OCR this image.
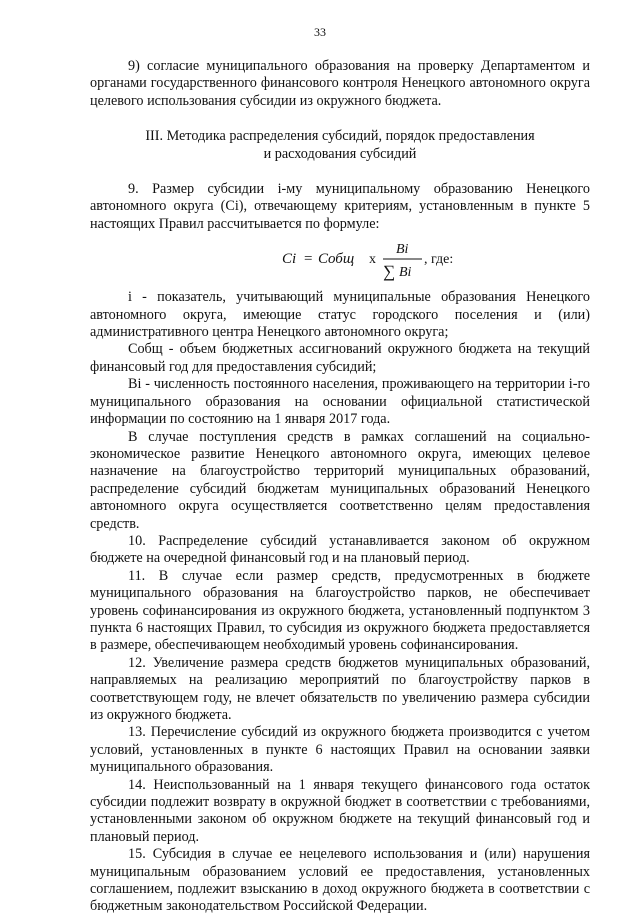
33

9) согласие муниципального образования на проверку Департаментом и органами государственного финансового контроля Ненецкого автономного округа целевого использования субсидии из окружного бюджета.

III. Методика распределения субсидий, порядок предоставления
и расходования субсидий

9. Размер субсидии i-му муниципальному образованию Ненецкого автономного округа (Ci), отвечающему критериям, установленным в пункте 5 настоящих Правил рассчитывается по формуле:

Ci = Cобщ x
Bi
∑ Bi
, где:

i - показатель, учитывающий муниципальные образования Ненецкого автономного округа, имеющие статус городского поселения и (или) административного центра Ненецкого автономного округа;

Cобщ - объем бюджетных ассигнований окружного бюджета на текущий финансовый год для предоставления субсидий;

Bi - численность постоянного населения, проживающего на территории i-го муниципального образования на основании официальной статистической информации по состоянию на 1 января 2017 года.

В случае поступления средств в рамках соглашений на социально-экономическое развитие Ненецкого автономного округа, имеющих целевое назначение на благоустройство территорий муниципальных образований, распределение субсидий бюджетам муниципальных образований Ненецкого автономного округа осуществляется соответственно целям предоставления средств.

10. Распределение субсидий устанавливается законом об окружном бюджете на очередной финансовый год и на плановый период.

11. В случае если размер средств, предусмотренных в бюджете муниципального образования на благоустройство парков, не обеспечивает уровень софинансирования из окружного бюджета, установленный подпунктом 3 пункта 6 настоящих Правил, то субсидия из окружного бюджета предоставляется в размере, обеспечивающем необходимый уровень софинансирования.

12. Увеличение размера средств бюджетов муниципальных образований, направляемых на реализацию мероприятий по благоустройству парков в соответствующем году, не влечет обязательств по увеличению размера субсидии из окружного бюджета.

13. Перечисление субсидий из окружного бюджета производится с учетом условий, установленных в пункте 6 настоящих Правил на основании заявки муниципального образования.

14. Неиспользованный на 1 января текущего финансового года остаток субсидии подлежит возврату в окружной бюджет в соответствии с требованиями, установленными законом об окружном бюджете на текущий финансовый год и плановый период.

15. Субсидия в случае ее нецелевого использования и (или) нарушения муниципальным образованием условий ее предоставления, установленных соглашением, подлежит взысканию в доход окружного бюджета в соответствии с бюджетным законодательством Российской Федерации.
